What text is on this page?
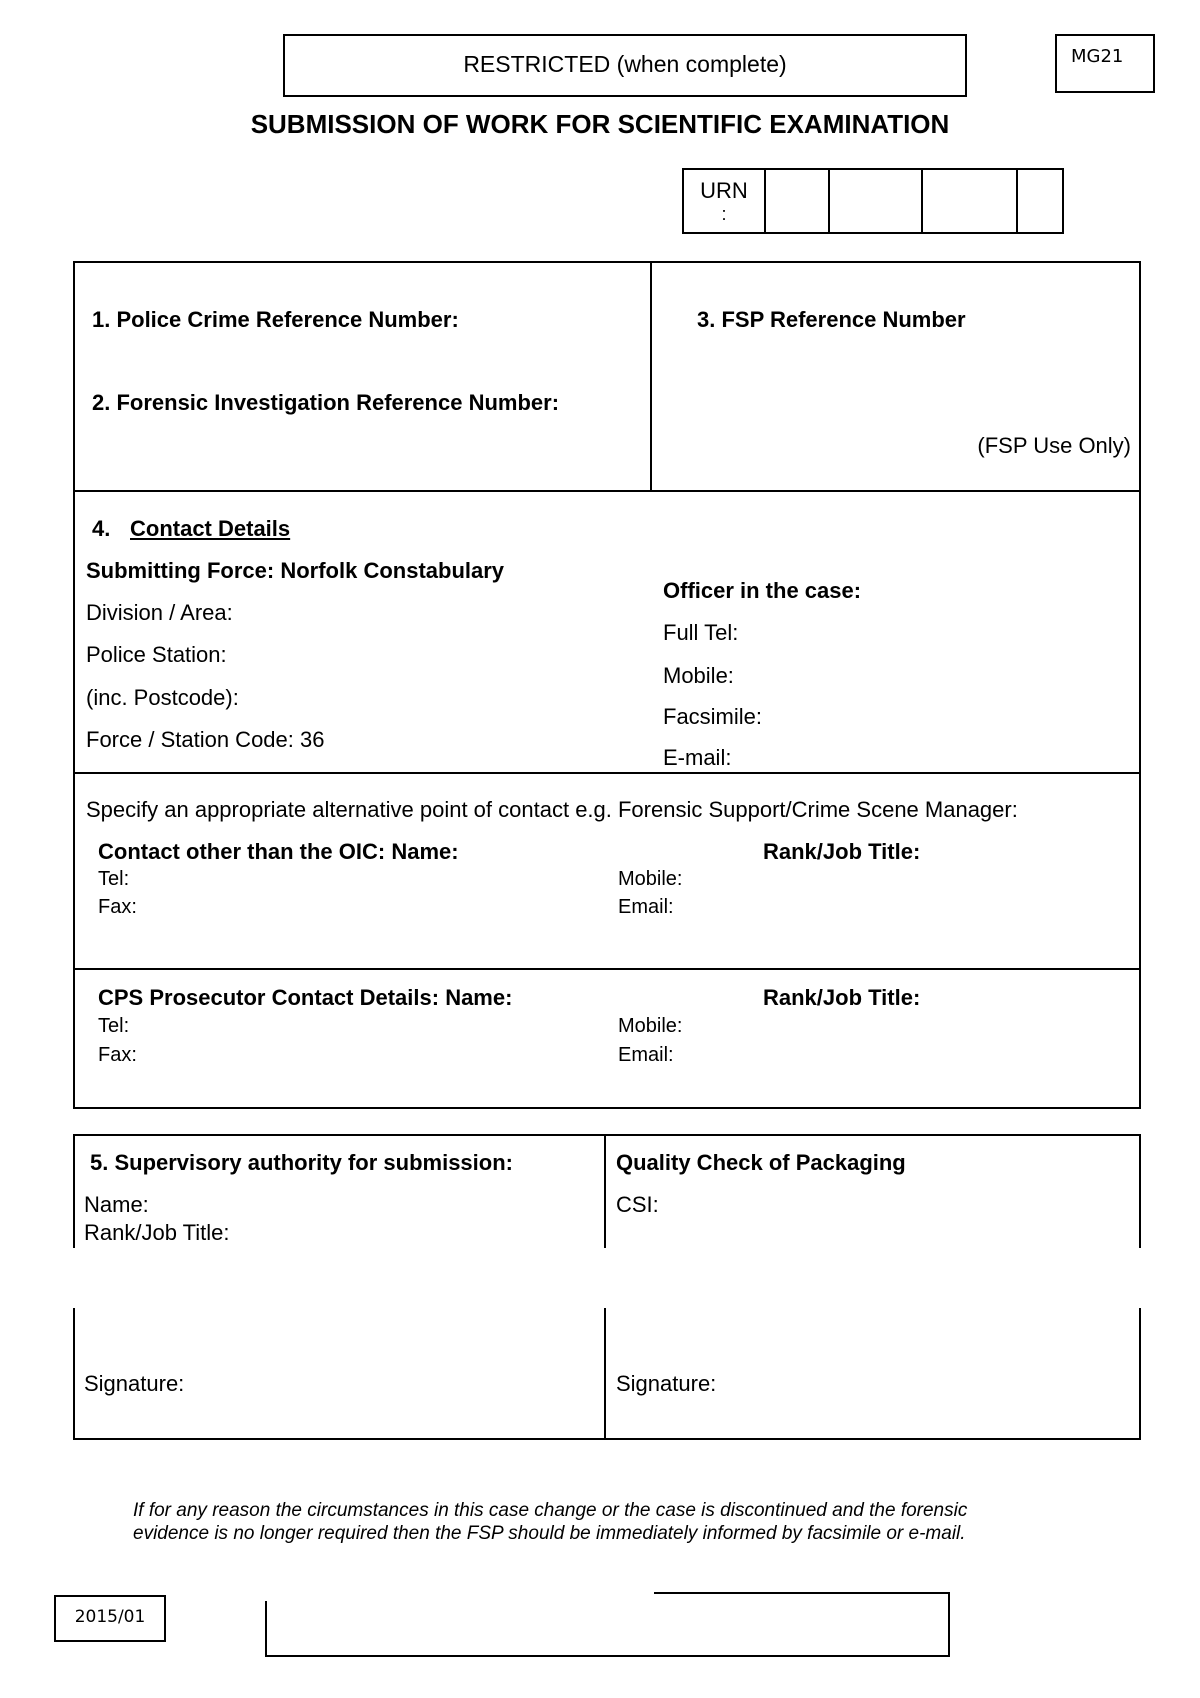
RESTRICTED (when complete)	MG21
SUBMISSION OF WORK FOR SCIENTIFIC EXAMINATION
URN
:
1. Police Crime Reference Number:
2. Forensic Investigation Reference Number:
3. FSP Reference Number
(FSP Use Only)
4. Contact Details
Submitting Force: Norfolk Constabulary
Division / Area:
Police Station:
(inc. Postcode):
Force / Station Code: 36
Officer in the case:
Full Tel:
Mobile:
Facsimile:
E-mail:
Specify an appropriate alternative point of contact e.g. Forensic Support/Crime Scene Manager:
Contact other than the OIC: Name:	Rank/Job Title:
Tel:	Mobile:
Fax:	Email:
CPS Prosecutor Contact Details: Name:	Rank/Job Title:
Tel:	Mobile:
Fax:	Email:
5. Supervisory authority for submission:
Name:
Rank/Job Title:
Signature:
Quality Check of Packaging
CSI:
Signature:
If for any reason the circumstances in this case change or the case is discontinued and the forensic
evidence is no longer required then the FSP should be immediately informed by facsimile or e-mail.
2015/01
